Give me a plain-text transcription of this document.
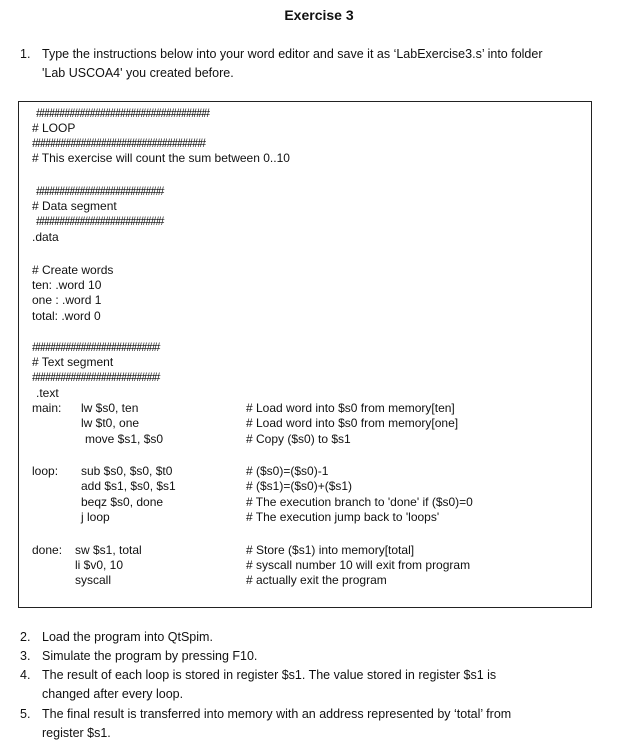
Exercise 3
1. Type the instructions below into your word editor and save it as ‘LabExercise3.s’ into folder
'Lab USCOA4' you created before.
##################################
# LOOP
##################################
# This exercise will count the sum between 0..10
#########################
# Data segment
#########################
.data
# Create words
ten: .word 10
one : .word 1
total: .word 0
#########################
# Text segment
#########################
.text
main: lw $s0, ten
lw $t0, one
move $s1, $s0
# Load word into $s0 from memory[ten]
# Load word into $s0 from memory[one]
# Copy ($s0) to $s1
loop: sub $s0, $s0, $t0
add $s1, $s0, $s1
beqz $s0, done
j loop
# ($s0)=($s0)-1
# ($s1)=($s0)+($s1)
# The execution branch to 'done' if ($s0)=0
# The execution jump back to 'loops'
done: sw $s1, total
li $v0, 10
syscall
# Store ($s1) into memory[total]
# syscall number 10 will exit from program
# actually exit the program
2. Load the program into QtSpim.
3. Simulate the program by pressing F10.
4. The result of each loop is stored in register $s1. The value stored in register $s1 is
changed after every loop.
5. The final result is transferred into memory with an address represented by ‘total’ from
register $s1.
